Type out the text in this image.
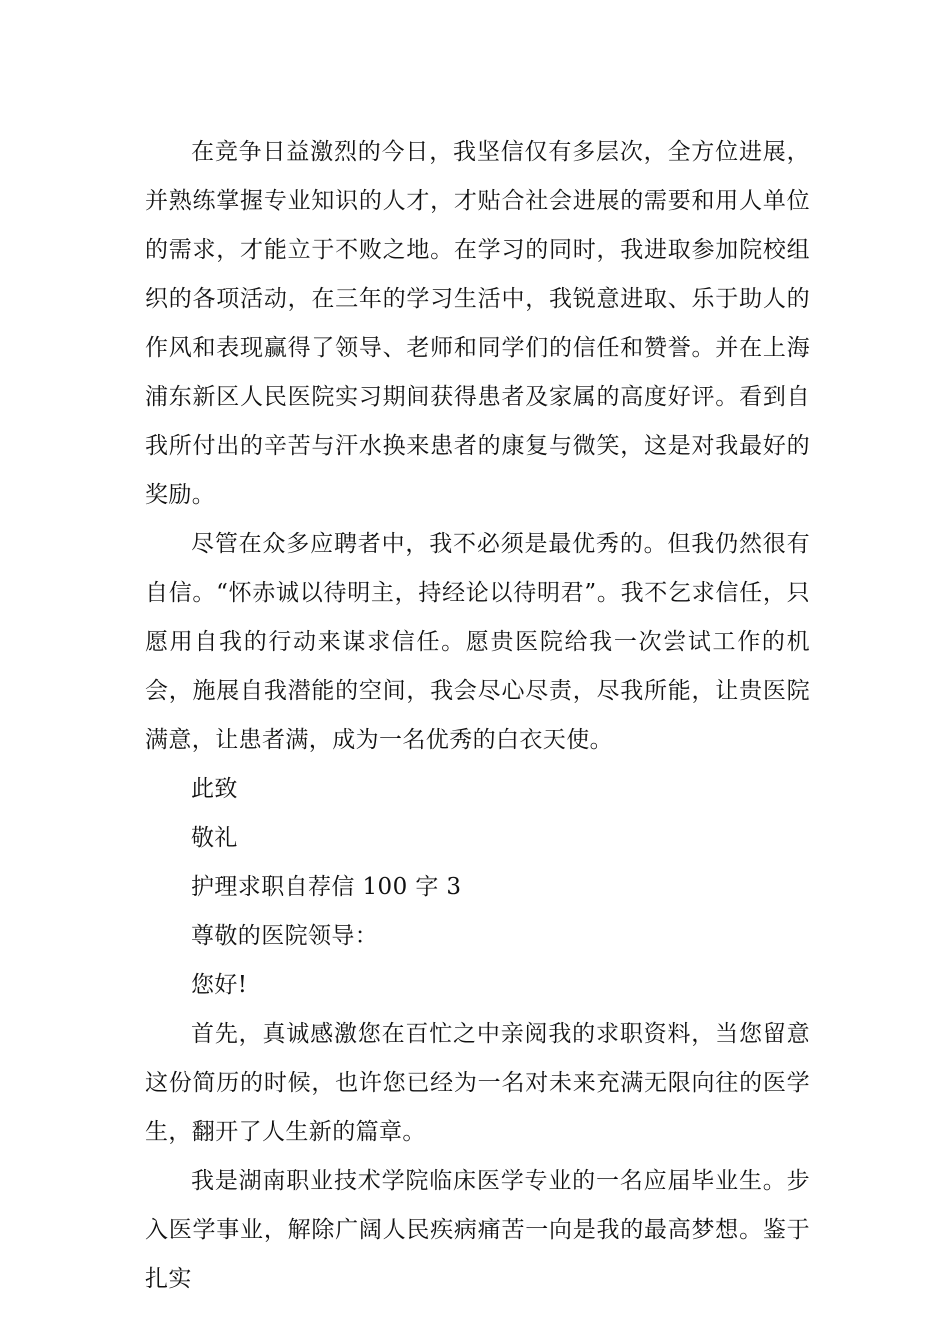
在竞争日益激烈的今日，我坚信仅有多层次，全方位进展，并熟练掌握专业知识的人才，才贴合社会进展的需要和用人单位的需求，才能立于不败之地。在学习的同时，我进取参加院校组织的各项活动，在三年的学习生活中，我锐意进取、乐于助人的作风和表现赢得了领导、老师和同学们的信任和赞誉。并在上海浦东新区人民医院实习期间获得患者及家属的高度好评。看到自我所付出的辛苦与汗水换来患者的康复与微笑，这是对我最好的奖励。

尽管在众多应聘者中，我不必须是最优秀的。但我仍然很有自信。“怀赤诚以待明主，持经论以待明君”。我不乞求信任，只愿用自我的行动来谋求信任。愿贵医院给我一次尝试工作的机会，施展自我潜能的空间，我会尽心尽责，尽我所能，让贵医院满意，让患者满，成为一名优秀的白衣天使。

此致

敬礼

护理求职自荐信 100 字 3

尊敬的医院领导：

您好!

首先，真诚感激您在百忙之中亲阅我的求职资料，当您留意这份简历的时候，也许您已经为一名对未来充满无限向往的医学生，翻开了人生新的篇章。

我是湖南职业技术学院临床医学专业的一名应届毕业生。步入医学事业，解除广阔人民疾病痛苦一向是我的最高梦想。鉴于扎实
